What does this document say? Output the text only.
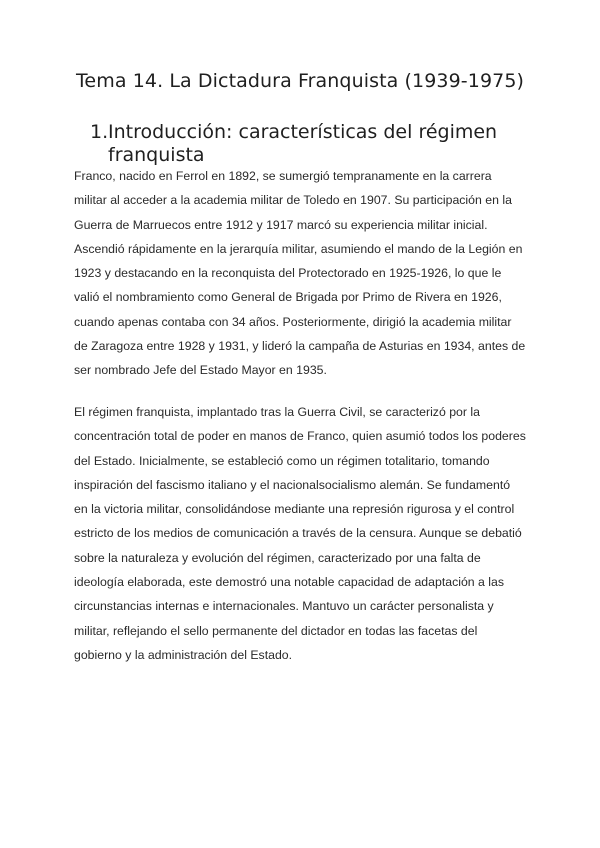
Tema 14. La Dictadura Franquista (1939-1975)
1. Introducción: características del régimen franquista

Franco, nacido en Ferrol en 1892, se sumergió tempranamente en la carrera militar al acceder a la academia militar de Toledo en 1907. Su participación en la Guerra de Marruecos entre 1912 y 1917 marcó su experiencia militar inicial. Ascendió rápidamente en la jerarquía militar, asumiendo el mando de la Legión en 1923 y destacando en la reconquista del Protectorado en 1925-1926, lo que le valió el nombramiento como General de Brigada por Primo de Rivera en 1926, cuando apenas contaba con 34 años. Posteriormente, dirigió la academia militar de Zaragoza entre 1928 y 1931, y lideró la campaña de Asturias en 1934, antes de ser nombrado Jefe del Estado Mayor en 1935.

El régimen franquista, implantado tras la Guerra Civil, se caracterizó por la concentración total de poder en manos de Franco, quien asumió todos los poderes del Estado. Inicialmente, se estableció como un régimen totalitario, tomando inspiración del fascismo italiano y el nacionalsocialismo alemán. Se fundamentó en la victoria militar, consolidándose mediante una represión rigurosa y el control estricto de los medios de comunicación a través de la censura. Aunque se debatió sobre la naturaleza y evolución del régimen, caracterizado por una falta de ideología elaborada, este demostró una notable capacidad de adaptación a las circunstancias internas e internacionales. Mantuvo un carácter personalista y militar, reflejando el sello permanente del dictador en todas las facetas del gobierno y la administración del Estado.
